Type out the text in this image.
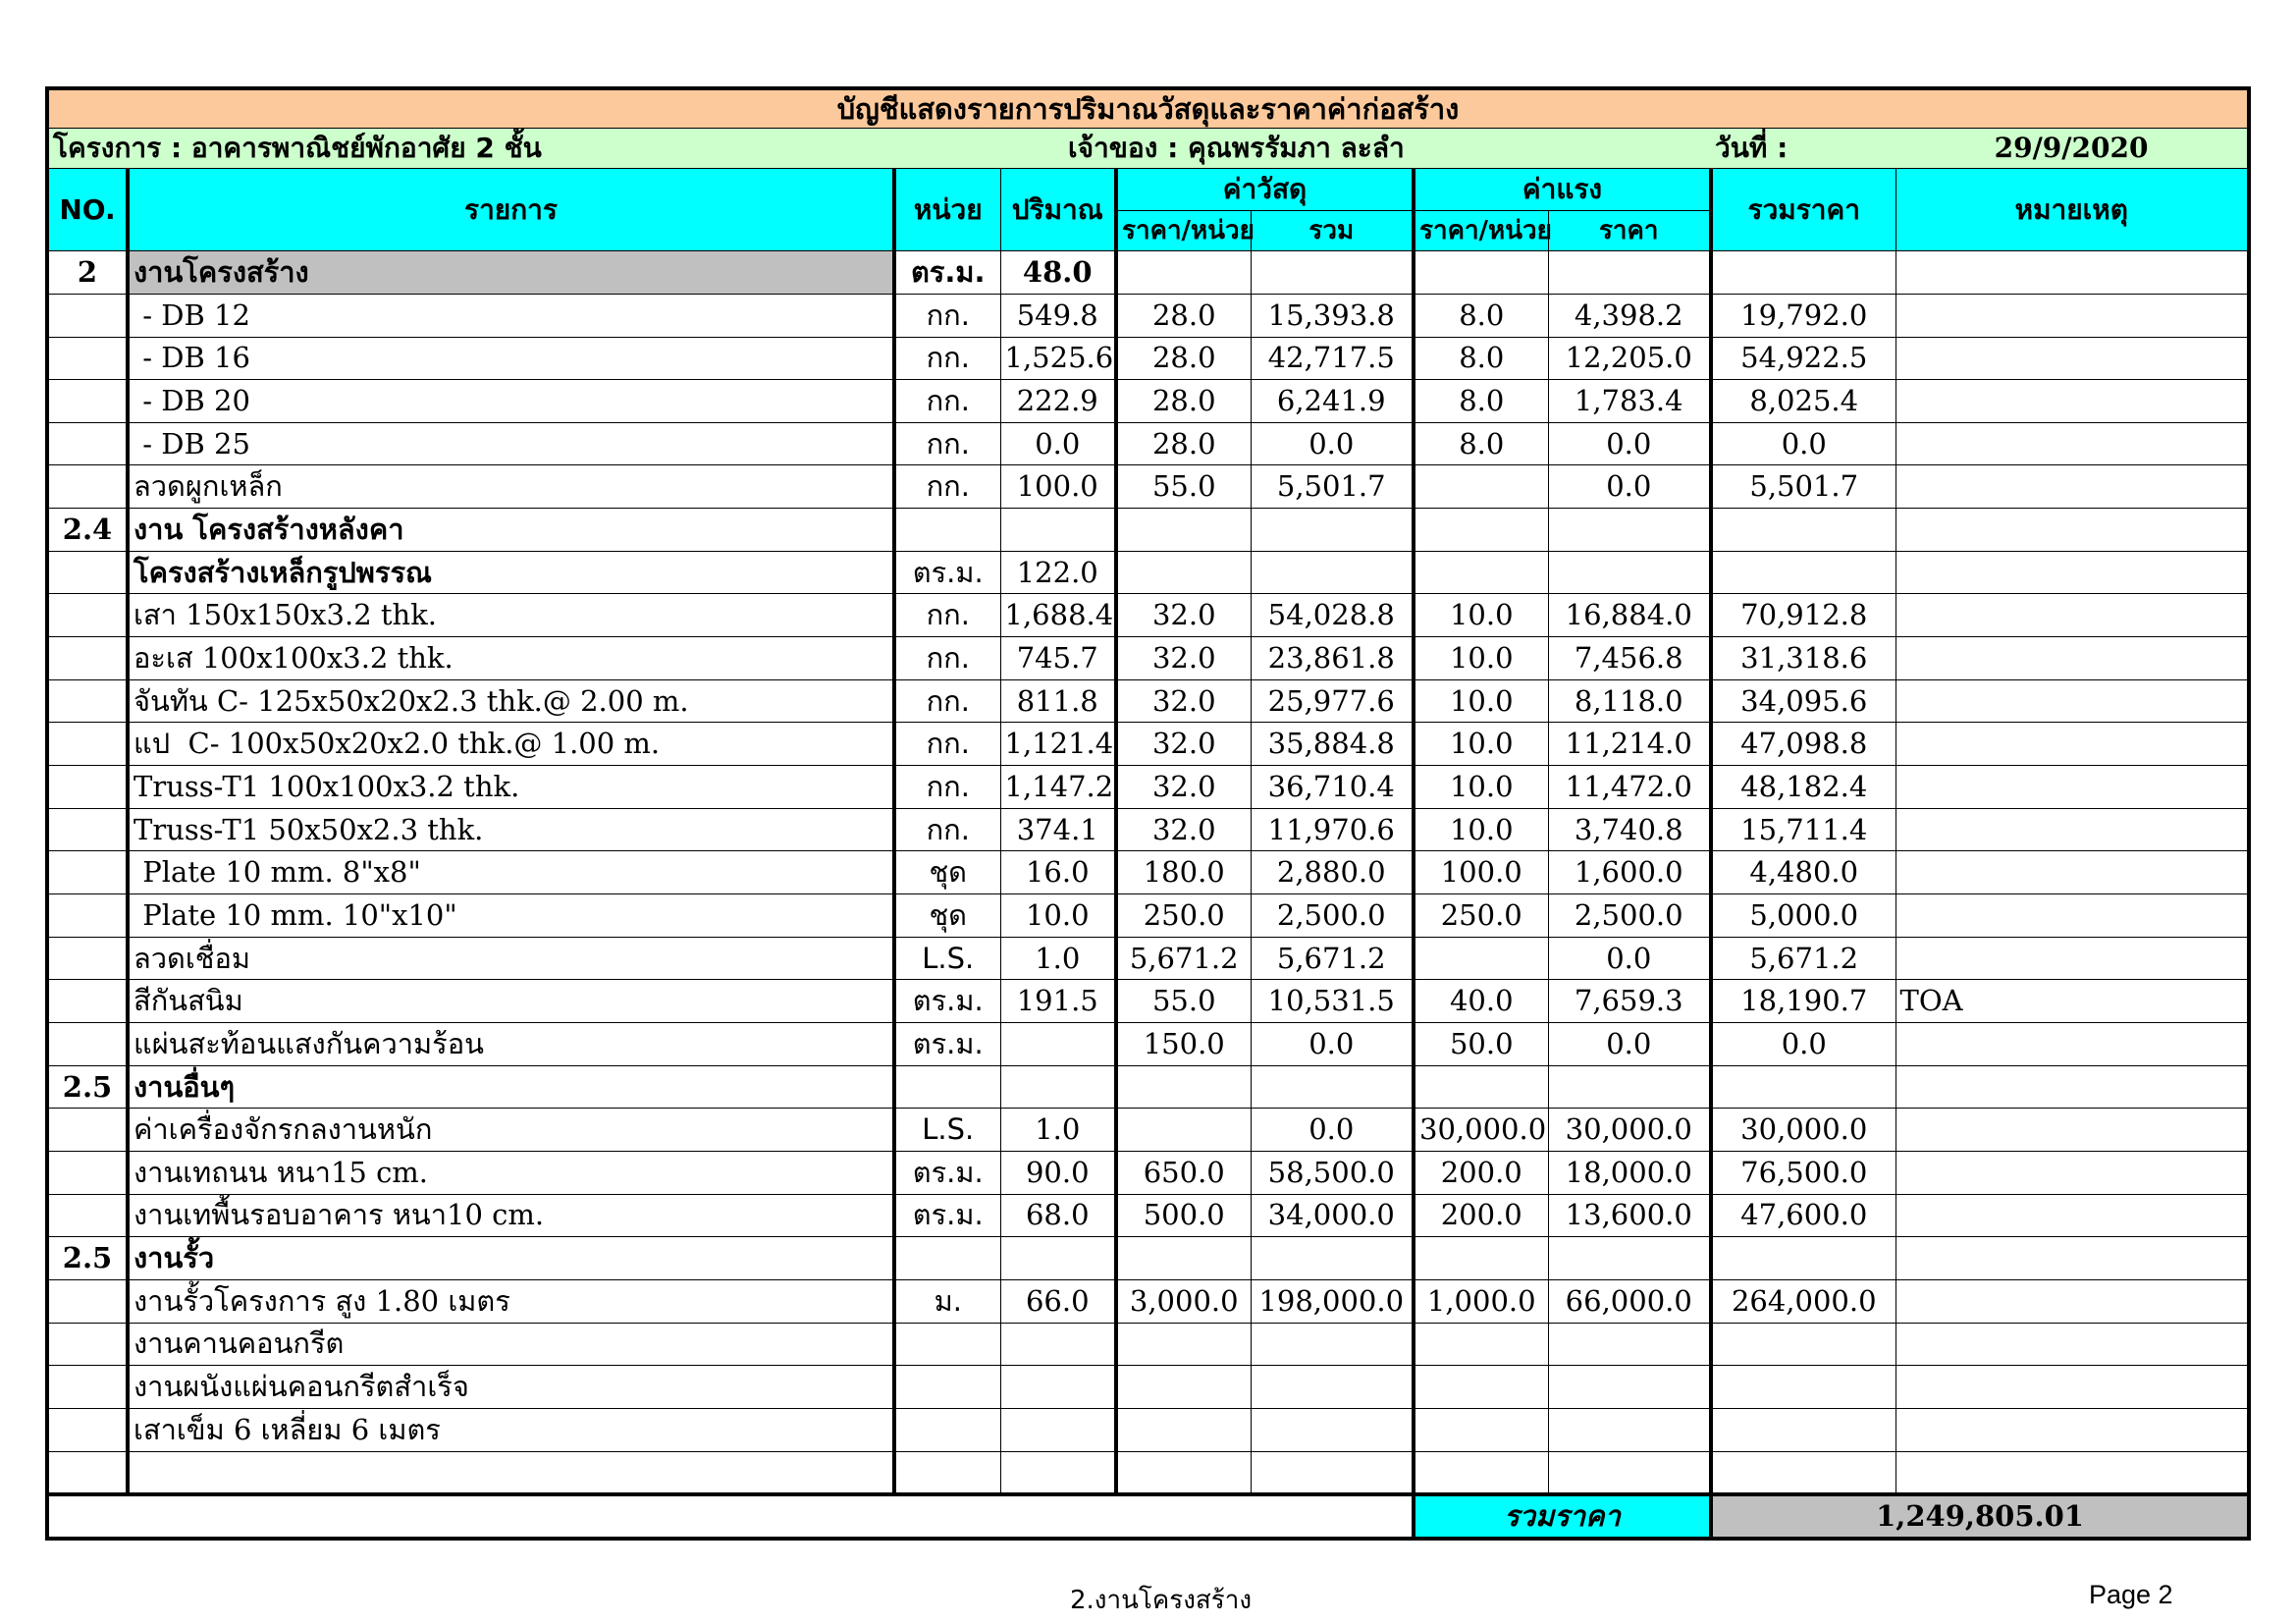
บัญชีแสดงรายการปริมาณวัสดุและราคาค่าก่อสร้าง									
โครงการ : อาคารพาณิชย์พักอาศัย 2 ชั้น					เจ้าของ : คุณพรรัมภา ละลำ			วันที่ :	29/9/2020
NO.	รายการ	หน่วย	ปริมาณ	ค่าวัสดุ		ค่าแรง		รวมราคา	หมายเหตุ
				ราคา/หน่วย	รวม	ราคา/หน่วย	ราคา		
2	งานโครงสร้าง	ตร.ม.	48.0						
	- DB 12	กก.	549.8	28.0	15,393.8	8.0	4,398.2	19,792.0	
	- DB 16	กก.	1,525.6	28.0	42,717.5	8.0	12,205.0	54,922.5	
	- DB 20	กก.	222.9	28.0	6,241.9	8.0	1,783.4	8,025.4	
	- DB 25	กก.	0.0	28.0	0.0	8.0	0.0	0.0	
	ลวดผูกเหล็ก	กก.	100.0	55.0	5,501.7		0.0	5,501.7	
2.4	งาน โครงสร้างหลังคา								
	โครงสร้างเหล็กรูปพรรณ	ตร.ม.	122.0						
	เสา 150x150x3.2 thk.	กก.	1,688.4	32.0	54,028.8	10.0	16,884.0	70,912.8	
	อะเส 100x100x3.2 thk.	กก.	745.7	32.0	23,861.8	10.0	7,456.8	31,318.6	
	จันทัน C- 125x50x20x2.3 thk.@ 2.00 m.	กก.	811.8	32.0	25,977.6	10.0	8,118.0	34,095.6	
	แป  C- 100x50x20x2.0 thk.@ 1.00 m.	กก.	1,121.4	32.0	35,884.8	10.0	11,214.0	47,098.8	
	Truss-T1 100x100x3.2 thk.	กก.	1,147.2	32.0	36,710.4	10.0	11,472.0	48,182.4	
	Truss-T1 50x50x2.3 thk.	กก.	374.1	32.0	11,970.6	10.0	3,740.8	15,711.4	
	Plate 10 mm. 8"x8"	ชุด	16.0	180.0	2,880.0	100.0	1,600.0	4,480.0	
	Plate 10 mm. 10"x10"	ชุด	10.0	250.0	2,500.0	250.0	2,500.0	5,000.0	
	ลวดเชื่อม	L.S.	1.0	5,671.2	5,671.2		0.0	5,671.2	
	สีกันสนิม	ตร.ม.	191.5	55.0	10,531.5	40.0	7,659.3	18,190.7	TOA
	แผ่นสะท้อนแสงกันความร้อน	ตร.ม.		150.0	0.0	50.0	0.0	0.0	
2.5	งานอื่นๆ								
	ค่าเครื่องจักรกลงานหนัก	L.S.	1.0		0.0	30,000.0	30,000.0	30,000.0	
	งานเทถนน หนา15 cm.	ตร.ม.	90.0	650.0	58,500.0	200.0	18,000.0	76,500.0	
	งานเทพื้นรอบอาคาร หนา10 cm.	ตร.ม.	68.0	500.0	34,000.0	200.0	13,600.0	47,600.0	
2.5	งานรั้ว								
	งานรั้วโครงการ สูง 1.80 เมตร	ม.	66.0	3,000.0	198,000.0	1,000.0	66,000.0	264,000.0	
	งานคานคอนกรีต								
	งานผนังแผ่นคอนกรีตสำเร็จ								
	เสาเข็ม 6 เหลี่ยม 6 เมตร								

						รวมราคา		1,249,805.01	
2.งานโครงสร้าง	Page 2
